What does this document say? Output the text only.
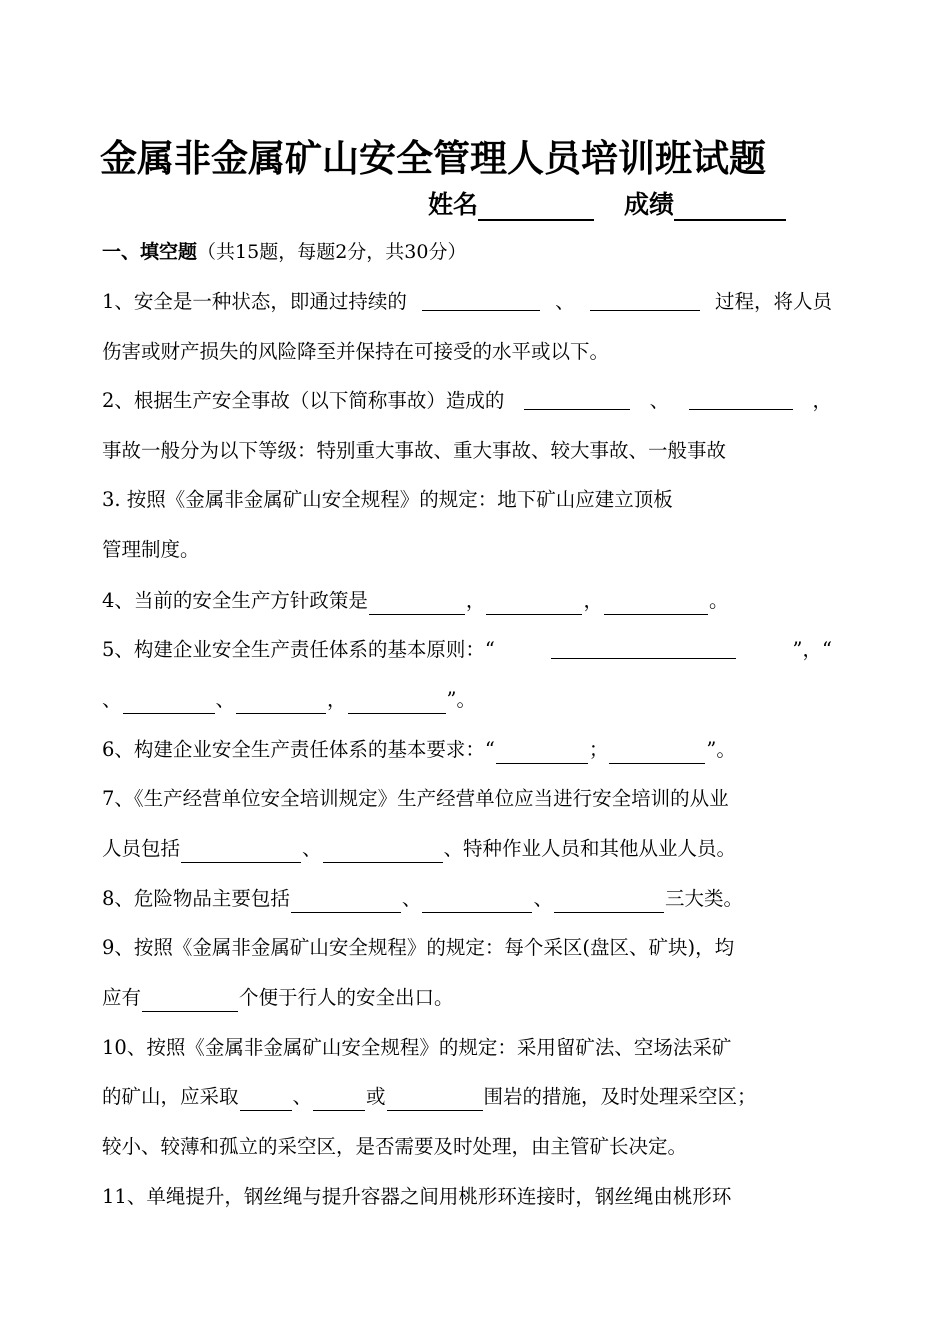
金属非金属矿山安全管理人员培训班试题
姓名	成绩
一、填空题（共15题，每题2分，共30分）
1、安全是一种状态，即通过持续的	、	过程，将人员
伤害或财产损失的风险降至并保持在可接受的水平或以下。
2、根据生产安全事故（以下简称事故）造成的	、	，
事故一般分为以下等级：特别重大事故、重大事故、较大事故、一般事故
3. 按照《金属非金属矿山安全规程》的规定：地下矿山应建立顶板
管理制度。
4、当前的安全生产方针政策是	，	，	。
5、构建企业安全生产责任体系的基本原则：“	”，“
、	、	，	”。
6、构建企业安全生产责任体系的基本要求：“	；	”。
7、《生产经营单位安全培训规定》生产经营单位应当进行安全培训的从业
人员包括	、	、特种作业人员和其他从业人员。
8、危险物品主要包括	、	、	三大类。
9、按照《金属非金属矿山安全规程》的规定：每个采区(盘区、矿块)，均
应有	个便于行人的安全出口。
10、按照《金属非金属矿山安全规程》的规定：采用留矿法、空场法采矿
的矿山，应采取	、	或	围岩的措施，及时处理采空区；
较小、较薄和孤立的采空区，是否需要及时处理，由主管矿长决定。
11、单绳提升，钢丝绳与提升容器之间用桃形环连接时，钢丝绳由桃形环
